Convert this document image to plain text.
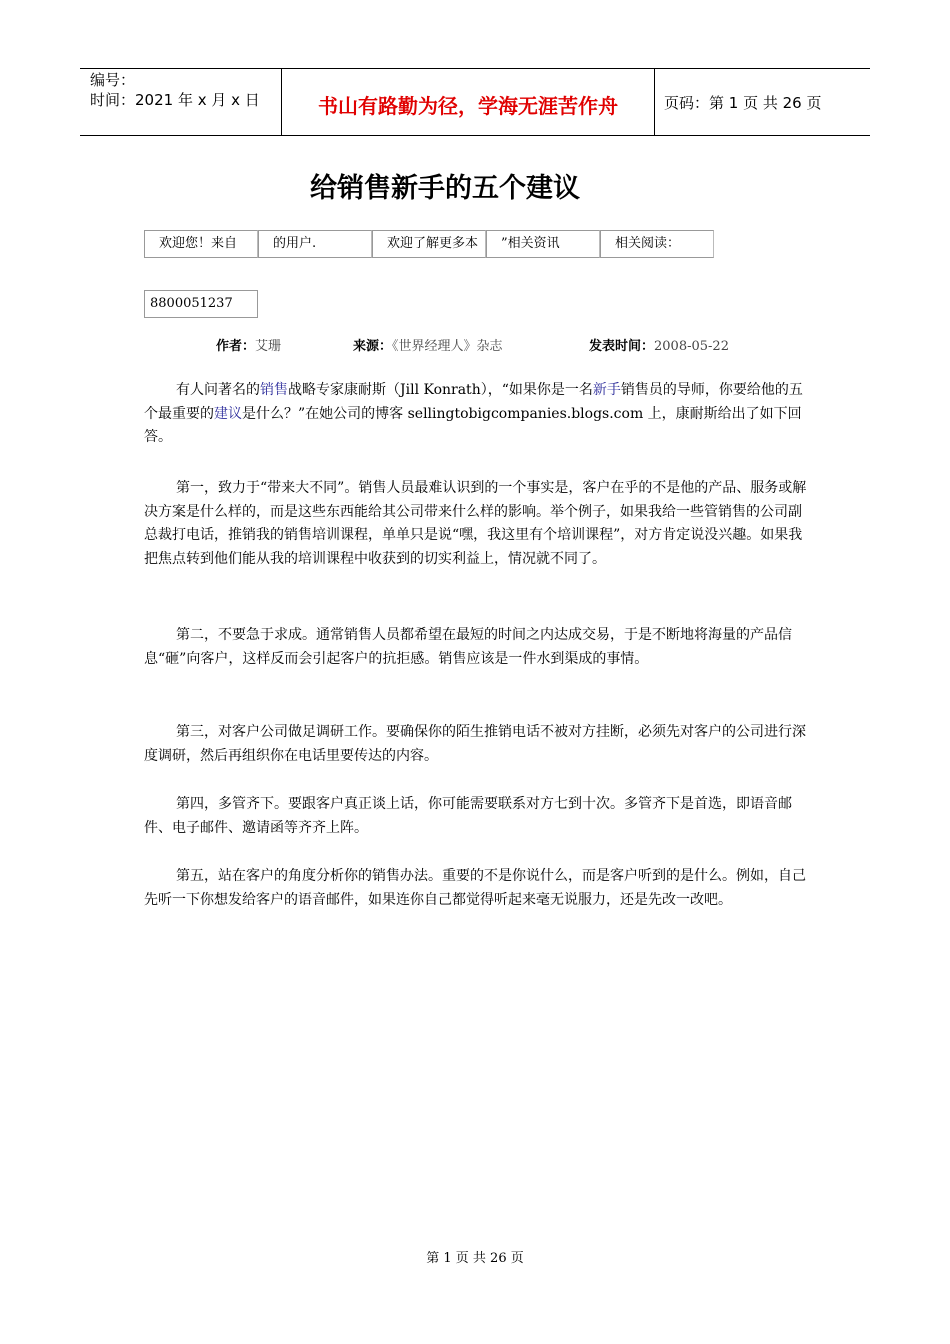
编号：
时间：2021 年 x 月 x 日	书山有路勤为径，学海无涯苦作舟	页码：第 1 页 共 26 页
给销售新手的五个建议
欢迎您！来自	的用户.	欢迎了解更多本	”相关资讯	相关阅读：
8800051237
作者：艾珊	来源：《世界经理人》杂志	发表时间：2008-05-22
有人问著名的销售战略专家康耐斯（Jill Konrath），“如果你是一名新手销售员的导师，你要给他的五个最重要的建议是什么？”在她公司的博客 sellingtobigcompanies.blogs.com 上，康耐斯给出了如下回答。
第一，致力于“带来大不同”。销售人员最难认识到的一个事实是，客户在乎的不是他的产品、服务或解决方案是什么样的，而是这些东西能给其公司带来什么样的影响。举个例子，如果我给一些管销售的公司副总裁打电话，推销我的销售培训课程，单单只是说“嘿，我这里有个培训课程”，对方肯定说没兴趣。如果我把焦点转到他们能从我的培训课程中收获到的切实利益上，情况就不同了。
第二，不要急于求成。通常销售人员都希望在最短的时间之内达成交易，于是不断地将海量的产品信息“砸”向客户，这样反而会引起客户的抗拒感。销售应该是一件水到渠成的事情。
第三，对客户公司做足调研工作。要确保你的陌生推销电话不被对方挂断，必须先对客户的公司进行深度调研，然后再组织你在电话里要传达的内容。
第四，多管齐下。要跟客户真正谈上话，你可能需要联系对方七到十次。多管齐下是首选，即语音邮件、电子邮件、邀请函等齐齐上阵。
第五，站在客户的角度分析你的销售办法。重要的不是你说什么，而是客户听到的是什么。例如，自己先听一下你想发给客户的语音邮件，如果连你自己都觉得听起来毫无说服力，还是先改一改吧。
第 1 页 共 26 页
